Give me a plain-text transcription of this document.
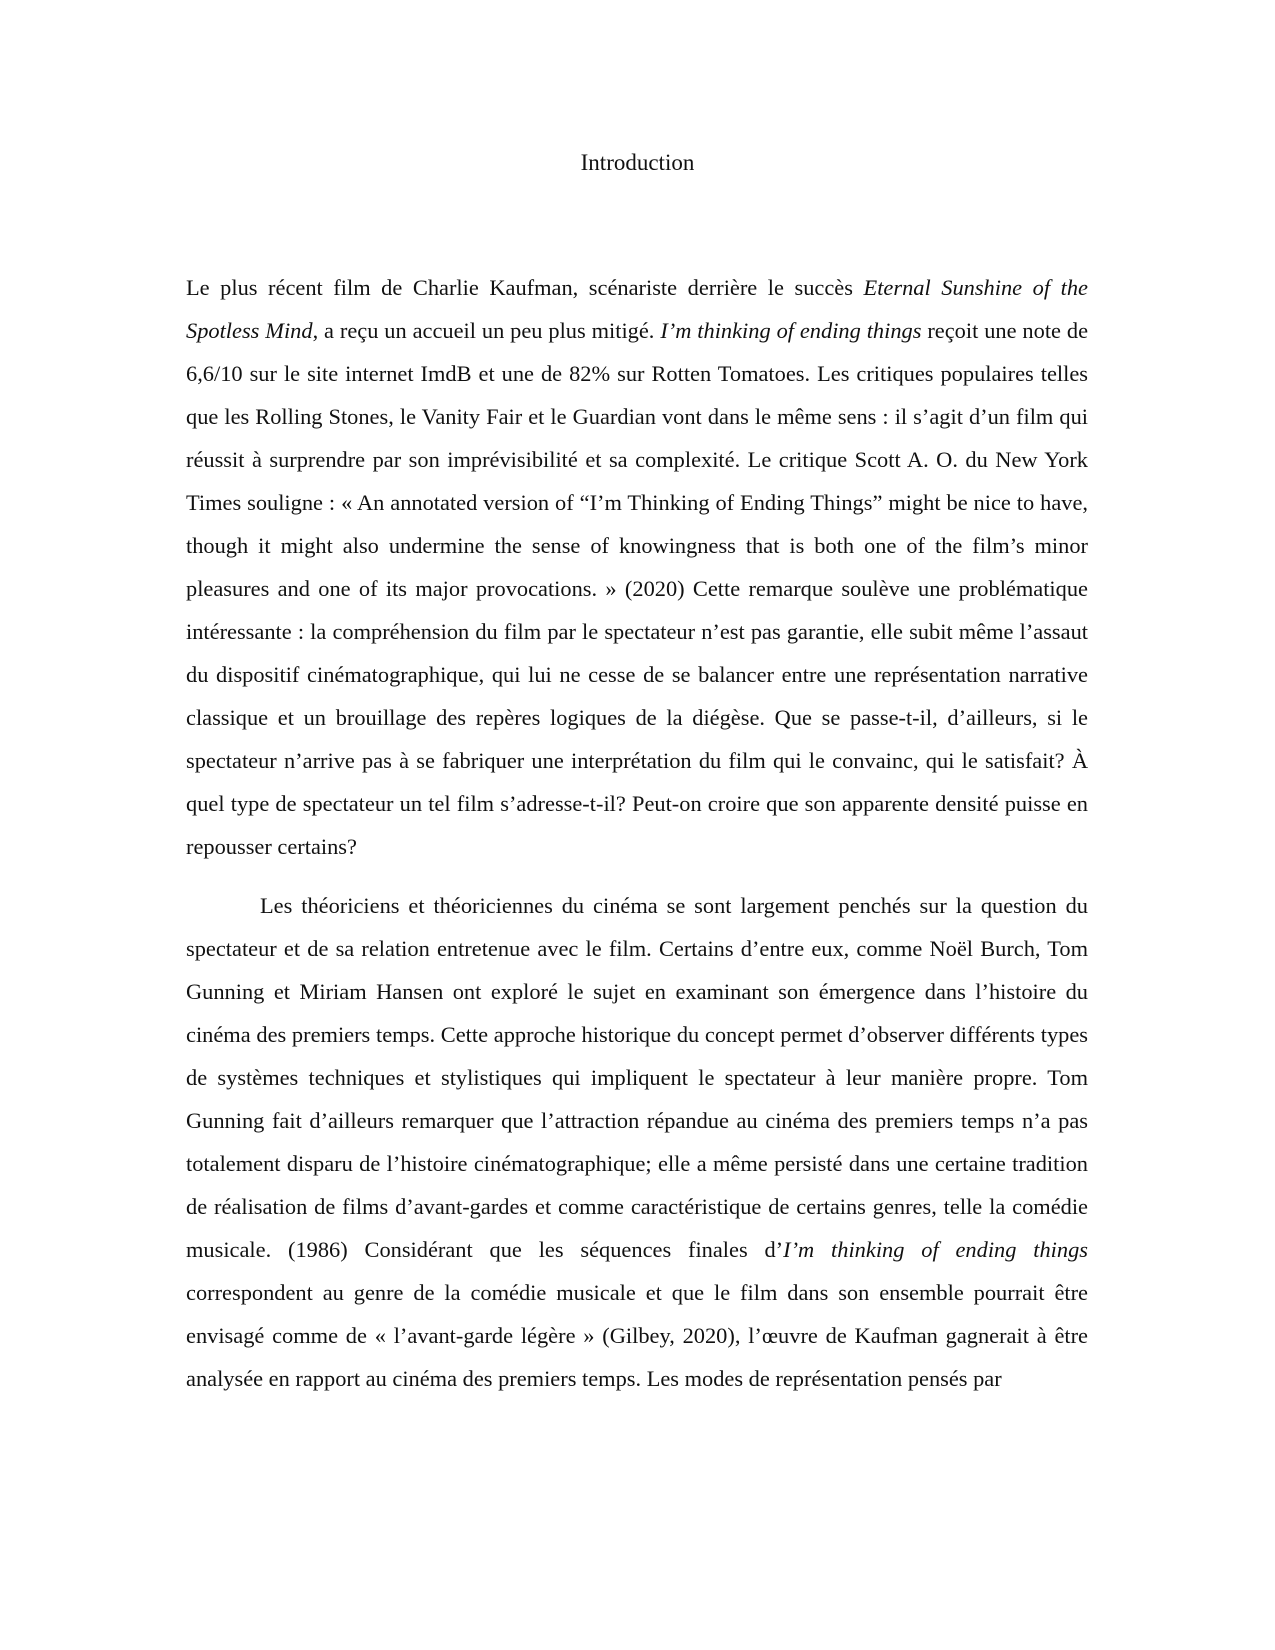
Introduction

Le plus récent film de Charlie Kaufman, scénariste derrière le succès Eternal Sunshine of the Spotless Mind, a reçu un accueil un peu plus mitigé. I’m thinking of ending things reçoit une note de 6,6/10 sur le site internet ImdB et une de 82% sur Rotten Tomatoes. Les critiques populaires telles que les Rolling Stones, le Vanity Fair et le Guardian vont dans le même sens : il s’agit d’un film qui réussit à surprendre par son imprévisibilité et sa complexité. Le critique Scott A. O. du New York Times souligne : « An annotated version of “I’m Thinking of Ending Things” might be nice to have, though it might also undermine the sense of knowingness that is both one of the film’s minor pleasures and one of its major provocations. » (2020) Cette remarque soulève une problématique intéressante : la compréhension du film par le spectateur n’est pas garantie, elle subit même l’assaut du dispositif cinématographique, qui lui ne cesse de se balancer entre une représentation narrative classique et un brouillage des repères logiques de la diégèse. Que se passe-t-il, d’ailleurs, si le spectateur n’arrive pas à se fabriquer une interprétation du film qui le convainc, qui le satisfait? À quel type de spectateur un tel film s’adresse-t-il? Peut-on croire que son apparente densité puisse en repousser certains?

Les théoriciens et théoriciennes du cinéma se sont largement penchés sur la question du spectateur et de sa relation entretenue avec le film. Certains d’entre eux, comme Noël Burch, Tom Gunning et Miriam Hansen ont exploré le sujet en examinant son émergence dans l’histoire du cinéma des premiers temps. Cette approche historique du concept permet d’observer différents types de systèmes techniques et stylistiques qui impliquent le spectateur à leur manière propre. Tom Gunning fait d’ailleurs remarquer que l’attraction répandue au cinéma des premiers temps n’a pas totalement disparu de l’histoire cinématographique; elle a même persisté dans une certaine tradition de réalisation de films d’avant-gardes et comme caractéristique de certains genres, telle la comédie musicale. (1986) Considérant que les séquences finales d’I’m thinking of ending things correspondent au genre de la comédie musicale et que le film dans son ensemble pourrait être envisagé comme de « l’avant-garde légère » (Gilbey, 2020), l’œuvre de Kaufman gagnerait à être analysée en rapport au cinéma des premiers temps. Les modes de représentation pensés par
